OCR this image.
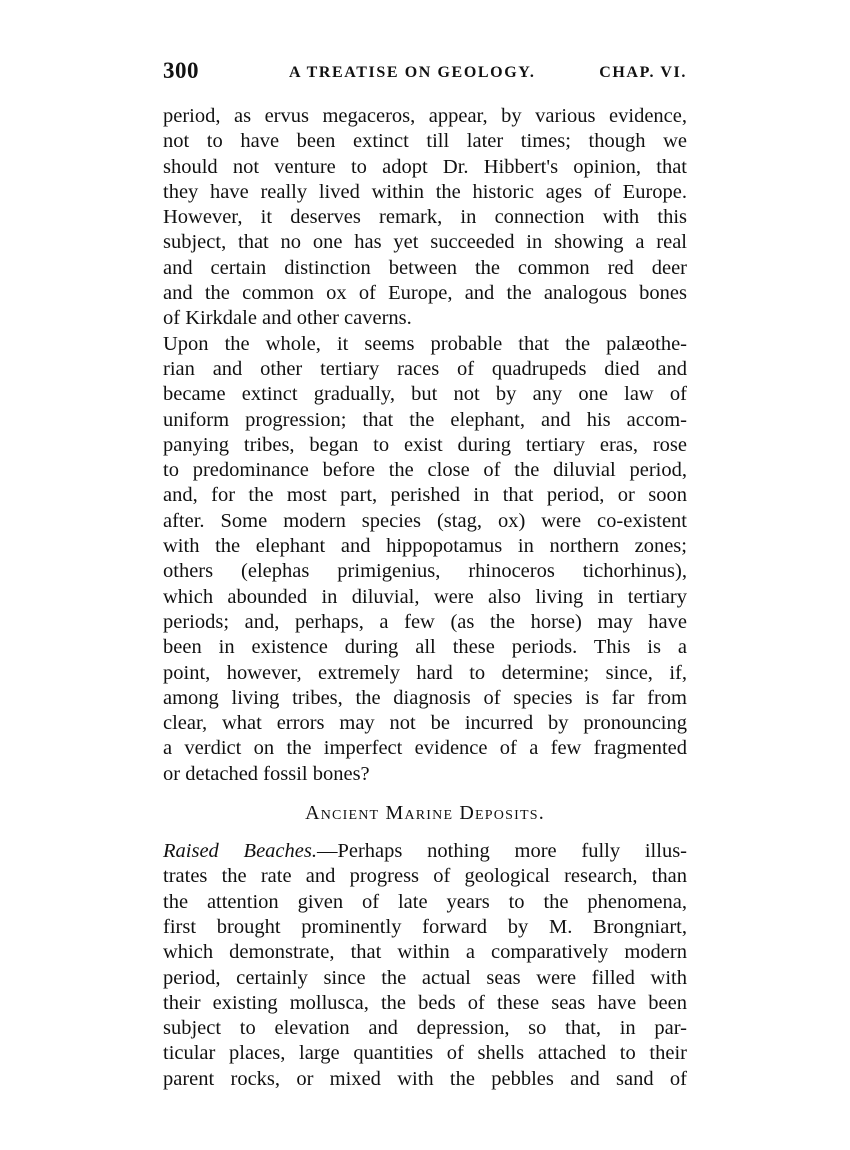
300	A TREATISE ON GEOLOGY.	CHAP. VI.
period, as ervus megaceros, appear, by various evidence,
not to have been extinct till later times; though we
should not venture to adopt Dr. Hibbert's opinion, that
they have really lived within the historic ages of Europe.
However, it deserves remark, in connection with this
subject, that no one has yet succeeded in showing a real
and certain distinction between the common red deer
and the common ox of Europe, and the analogous bones
of Kirkdale and other caverns.
Upon the whole, it seems probable that the palæothe-
rian and other tertiary races of quadrupeds died and
became extinct gradually, but not by any one law of
uniform progression; that the elephant, and his accom-
panying tribes, began to exist during tertiary eras, rose
to predominance before the close of the diluvial period,
and, for the most part, perished in that period, or soon
after. Some modern species (stag, ox) were co-existent
with the elephant and hippopotamus in northern zones;
others (elephas primigenius, rhinoceros tichorhinus),
which abounded in diluvial, were also living in tertiary
periods; and, perhaps, a few (as the horse) may have
been in existence during all these periods. This is a
point, however, extremely hard to determine; since, if,
among living tribes, the diagnosis of species is far from
clear, what errors may not be incurred by pronouncing
a verdict on the imperfect evidence of a few fragmented
or detached fossil bones?
Ancient Marine Deposits.
Raised Beaches.—Perhaps nothing more fully illus-
trates the rate and progress of geological research, than
the attention given of late years to the phenomena,
first brought prominently forward by M. Brongniart,
which demonstrate, that within a comparatively modern
period, certainly since the actual seas were filled with
their existing mollusca, the beds of these seas have been
subject to elevation and depression, so that, in par-
ticular places, large quantities of shells attached to their
parent rocks, or mixed with the pebbles and sand of
